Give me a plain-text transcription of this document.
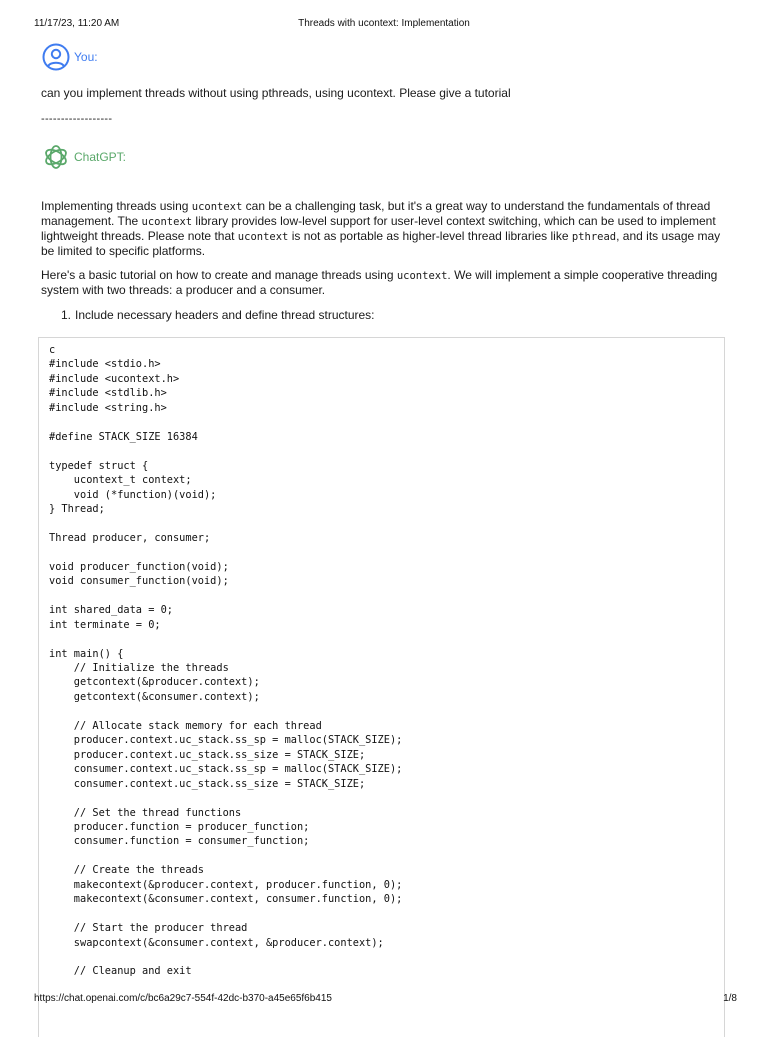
11/17/23, 11:20 AM	Threads with ucontext: Implementation
You:
can you implement threads without using pthreads, using ucontext. Please give a tutorial
------------------
ChatGPT:

Implementing threads using ucontext can be a challenging task, but it's a great way to understand the fundamentals of thread management. The ucontext library provides low-level support for user-level context switching, which can be used to implement lightweight threads. Please note that ucontext is not as portable as higher-level thread libraries like pthread, and its usage may be limited to specific platforms.

Here's a basic tutorial on how to create and manage threads using ucontext. We will implement a simple cooperative threading system with two threads: a producer and a consumer.

1. Include necessary headers and define thread structures:
c
#include <stdio.h>
#include <ucontext.h>
#include <stdlib.h>
#include <string.h>

#define STACK_SIZE 16384

typedef struct {
ucontext_t context;
void (*function)(void);
} Thread;

Thread producer, consumer;

void producer_function(void);
void consumer_function(void);

int shared_data = 0;
int terminate = 0;

int main() {
// Initialize the threads
getcontext(&producer.context);
getcontext(&consumer.context);

// Allocate stack memory for each thread
producer.context.uc_stack.ss_sp = malloc(STACK_SIZE);
producer.context.uc_stack.ss_size = STACK_SIZE;
consumer.context.uc_stack.ss_sp = malloc(STACK_SIZE);
consumer.context.uc_stack.ss_size = STACK_SIZE;

// Set the thread functions
producer.function = producer_function;
consumer.function = consumer_function;

// Create the threads
makecontext(&producer.context, producer.function, 0);
makecontext(&consumer.context, consumer.function, 0);

// Start the producer thread
swapcontext(&consumer.context, &producer.context);

// Cleanup and exit
https://chat.openai.com/c/bc6a29c7-554f-42dc-b370-a45e65f6b415	1/8
